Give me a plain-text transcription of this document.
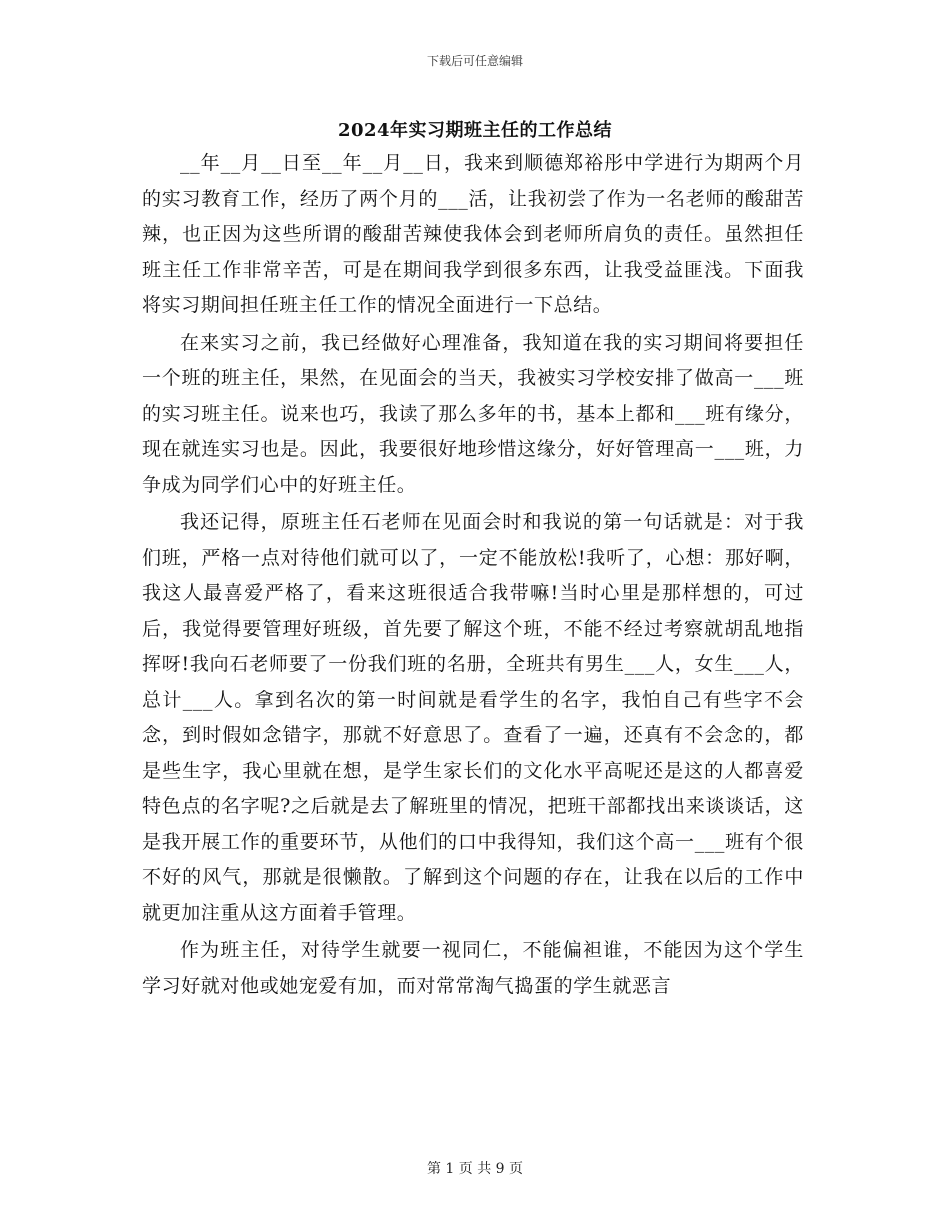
下载后可任意编辑
2024年实习期班主任的工作总结

__年__月__日至__年__月__日，我来到顺德郑裕彤中学进行为期两个月的实习教育工作，经历了两个月的___活，让我初尝了作为一名老师的酸甜苦辣，也正因为这些所谓的酸甜苦辣使我体会到老师所肩负的责任。虽然担任班主任工作非常辛苦，可是在期间我学到很多东西，让我受益匪浅。下面我将实习期间担任班主任工作的情况全面进行一下总结。

在来实习之前，我已经做好心理准备，我知道在我的实习期间将要担任一个班的班主任，果然，在见面会的当天，我被实习学校安排了做高一___班的实习班主任。说来也巧，我读了那么多年的书，基本上都和___班有缘分，现在就连实习也是。因此，我要很好地珍惜这缘分，好好管理高一___班，力争成为同学们心中的好班主任。

我还记得，原班主任石老师在见面会时和我说的第一句话就是：对于我们班，严格一点对待他们就可以了，一定不能放松!我听了，心想：那好啊，我这人最喜爱严格了，看来这班很适合我带嘛!当时心里是那样想的，可过后，我觉得要管理好班级，首先要了解这个班，不能不经过考察就胡乱地指挥呀!我向石老师要了一份我们班的名册，全班共有男生___人，女生___人，总计___人。拿到名次的第一时间就是看学生的名字，我怕自己有些字不会念，到时假如念错字，那就不好意思了。查看了一遍，还真有不会念的，都是些生字，我心里就在想，是学生家长们的文化水平高呢还是这的人都喜爱特色点的名字呢?之后就是去了解班里的情况，把班干部都找出来谈谈话，这是我开展工作的重要环节，从他们的口中我得知，我们这个高一___班有个很不好的风气，那就是很懒散。了解到这个问题的存在，让我在以后的工作中就更加注重从这方面着手管理。

作为班主任，对待学生就要一视同仁，不能偏袒谁，不能因为这个学生学习好就对他或她宠爱有加，而对常常淘气捣蛋的学生就恶言

第 1 页 共 9 页
